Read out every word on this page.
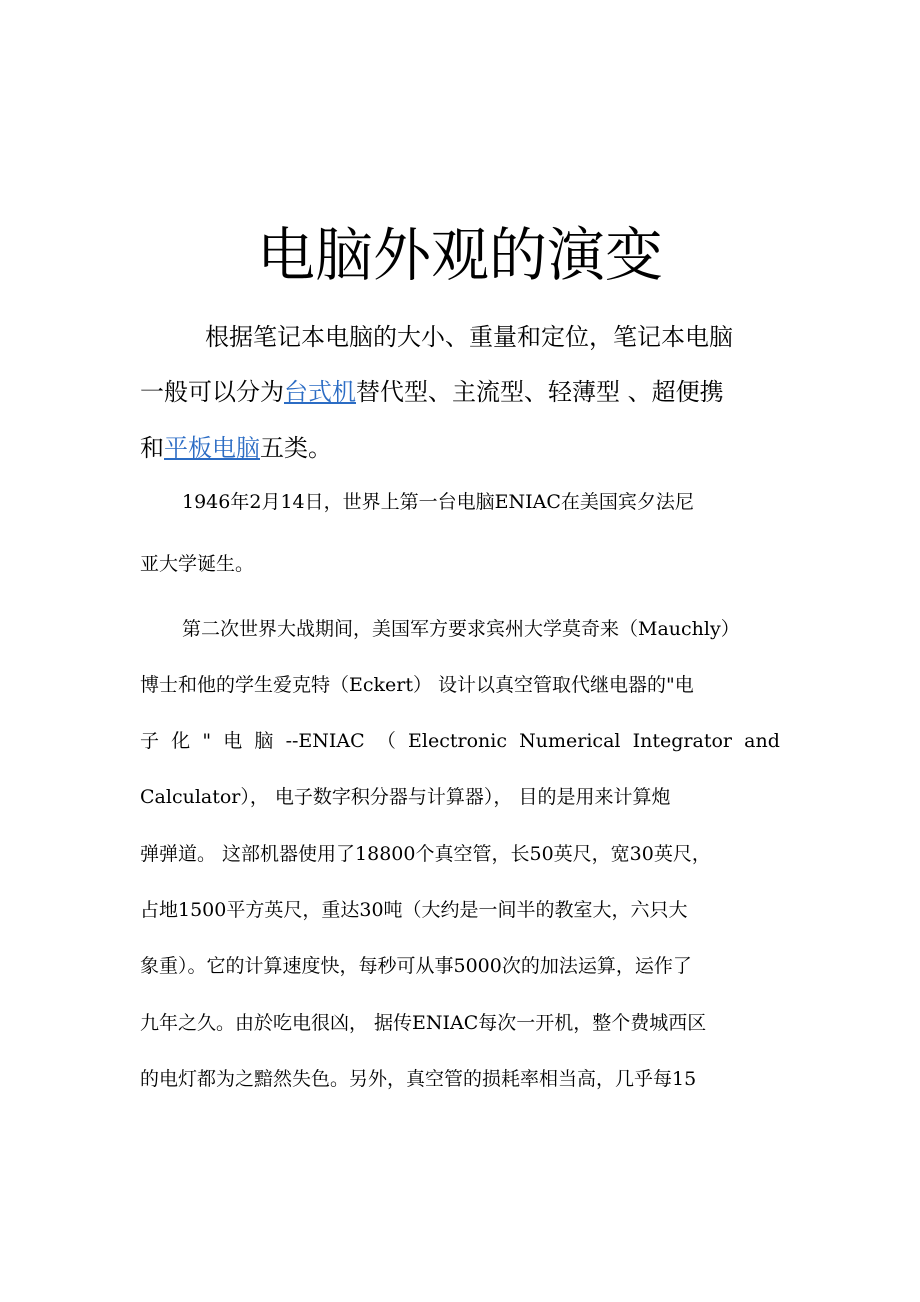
电脑外观的演变

根据笔记本电脑的大小、重量和定位，笔记本电脑

一般可以分为台式机替代型、主流型、轻薄型 、超便携

和平板电脑五类。

1946年2月14日，世界上第一台电脑ENIAC在美国宾夕法尼

亚大学诞生。

第二次世界大战期间，美国军方要求宾州大学莫奇来（Mauchly）

博士和他的学生爱克特（Eckert） 设计以真空管取代继电器的"电

子 化 " 电 脑 --ENIAC （ Electronic Numerical Integrator and

Calculator）， 电子数字积分器与计算器）， 目的是用来计算炮

弹弹道。 这部机器使用了18800个真空管，长50英尺，宽30英尺，

占地1500平方英尺，重达30吨（大约是一间半的教室大，六只大

象重）。它的计算速度快，每秒可从事5000次的加法运算，运作了

九年之久。由於吃电很凶， 据传ENIAC每次一开机，整个费城西区

的电灯都为之黯然失色。另外，真空管的损耗率相当高，几乎每15
